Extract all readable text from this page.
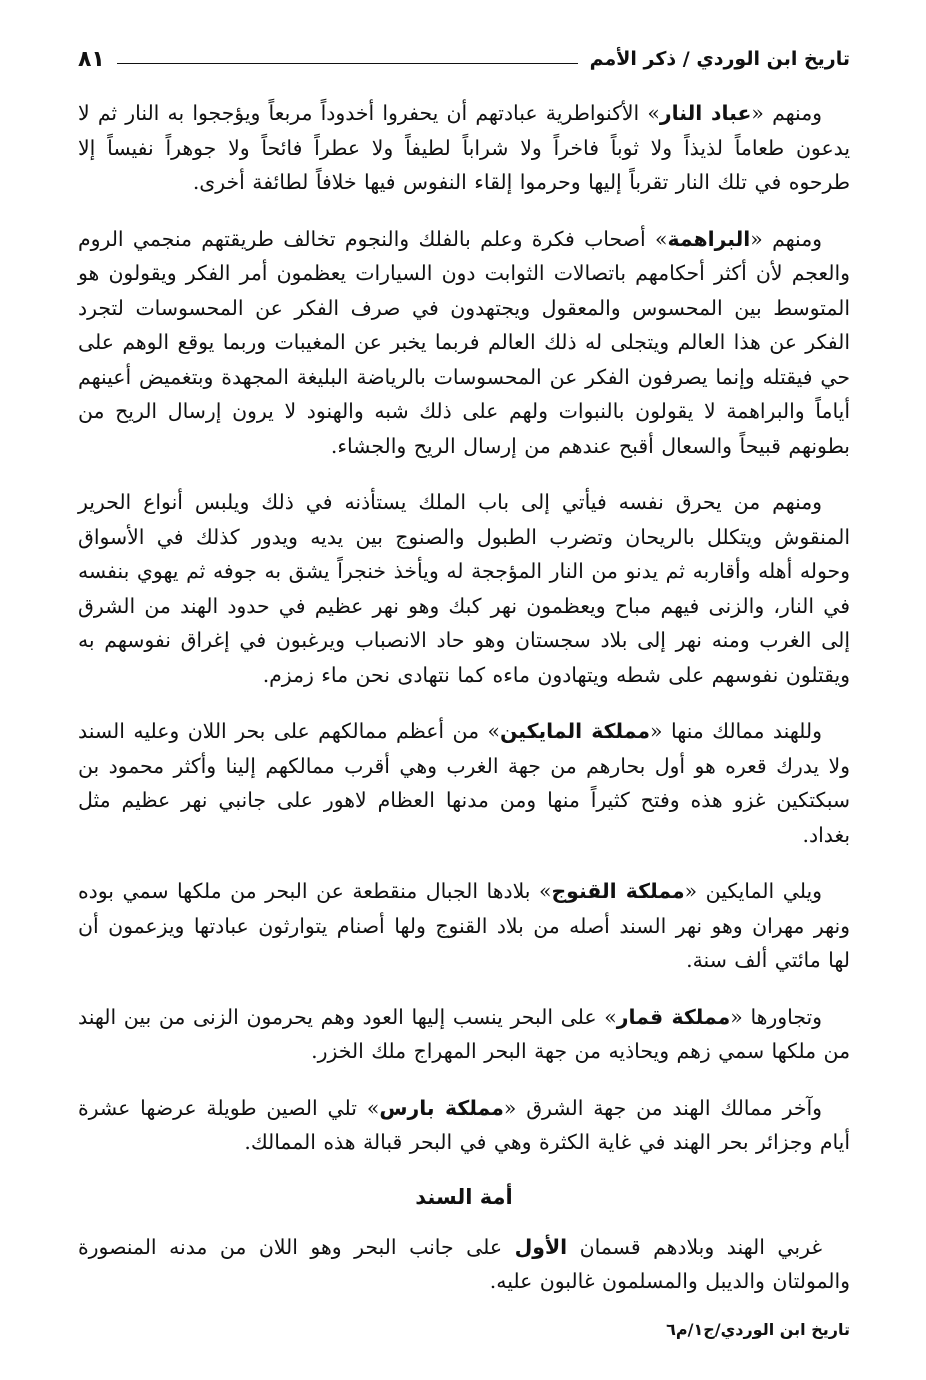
تاريخ ابن الوردي / ذكر الأمم
٨١

ومنهم «عباد النار» الأكنواطرية عبادتهم أن يحفروا أخدوداً مربعاً ويؤججوا به النار ثم لا يدعون طعاماً لذيذاً ولا ثوباً فاخراً ولا شراباً لطيفاً ولا عطراً فائحاً ولا جوهراً نفيساً إلا طرحوه في تلك النار تقرباً إليها وحرموا إلقاء النفوس فيها خلافاً لطائفة أخرى.

ومنهم «البراهمة» أصحاب فكرة وعلم بالفلك والنجوم تخالف طريقتهم منجمي الروم والعجم لأن أكثر أحكامهم باتصالات الثوابت دون السيارات يعظمون أمر الفكر ويقولون هو المتوسط بين المحسوس والمعقول ويجتهدون في صرف الفكر عن المحسوسات لتجرد الفكر عن هذا العالم ويتجلى له ذلك العالم فربما يخبر عن المغيبات وربما يوقع الوهم على حي فيقتله وإنما يصرفون الفكر عن المحسوسات بالرياضة البليغة المجهدة وبتغميض أعينهم أياماً والبراهمة لا يقولون بالنبوات ولهم على ذلك شبه والهنود لا يرون إرسال الريح من بطونهم قبيحاً والسعال أقبح عندهم من إرسال الريح والجشاء.

ومنهم من يحرق نفسه فيأتي إلى باب الملك يستأذنه في ذلك ويلبس أنواع الحرير المنقوش ويتكلل بالريحان وتضرب الطبول والصنوج بين يديه ويدور كذلك في الأسواق وحوله أهله وأقاربه ثم يدنو من النار المؤججة له ويأخذ خنجراً يشق به جوفه ثم يهوي بنفسه في النار، والزنى فيهم مباح ويعظمون نهر كبك وهو نهر عظيم في حدود الهند من الشرق إلى الغرب ومنه نهر إلى بلاد سجستان وهو حاد الانصباب ويرغبون في إغراق نفوسهم به ويقتلون نفوسهم على شطه ويتهادون ماءه كما نتهادى نحن ماء زمزم.

وللهند ممالك منها «مملكة المايكين» من أعظم ممالكهم على بحر اللان وعليه السند ولا يدرك قعره هو أول بحارهم من جهة الغرب وهي أقرب ممالكهم إلينا وأكثر محمود بن سبكتكين غزو هذه وفتح كثيراً منها ومن مدنها العظام لاهور على جانبي نهر عظيم مثل بغداد.

ويلي المايكين «مملكة القنوج» بلادها الجبال منقطعة عن البحر من ملكها سمي بوده ونهر مهران وهو نهر السند أصله من بلاد القنوج ولها أصنام يتوارثون عبادتها ويزعمون أن لها مائتي ألف سنة.

وتجاورها «مملكة قمار» على البحر ينسب إليها العود وهم يحرمون الزنى من بين الهند من ملكها سمي زهم ويحاذيه من جهة البحر المهراج ملك الخزر.

وآخر ممالك الهند من جهة الشرق «مملكة بارس» تلي الصين طويلة عرضها عشرة أيام وجزائر بحر الهند في غاية الكثرة وهي في البحر قبالة هذه الممالك.

أمة السند

غربي الهند وبلادهم قسمان الأول على جانب البحر وهو اللان من مدنه المنصورة والمولتان والديبل والمسلمون غالبون عليه.

تاريخ ابن الوردي/ج١/م٦
